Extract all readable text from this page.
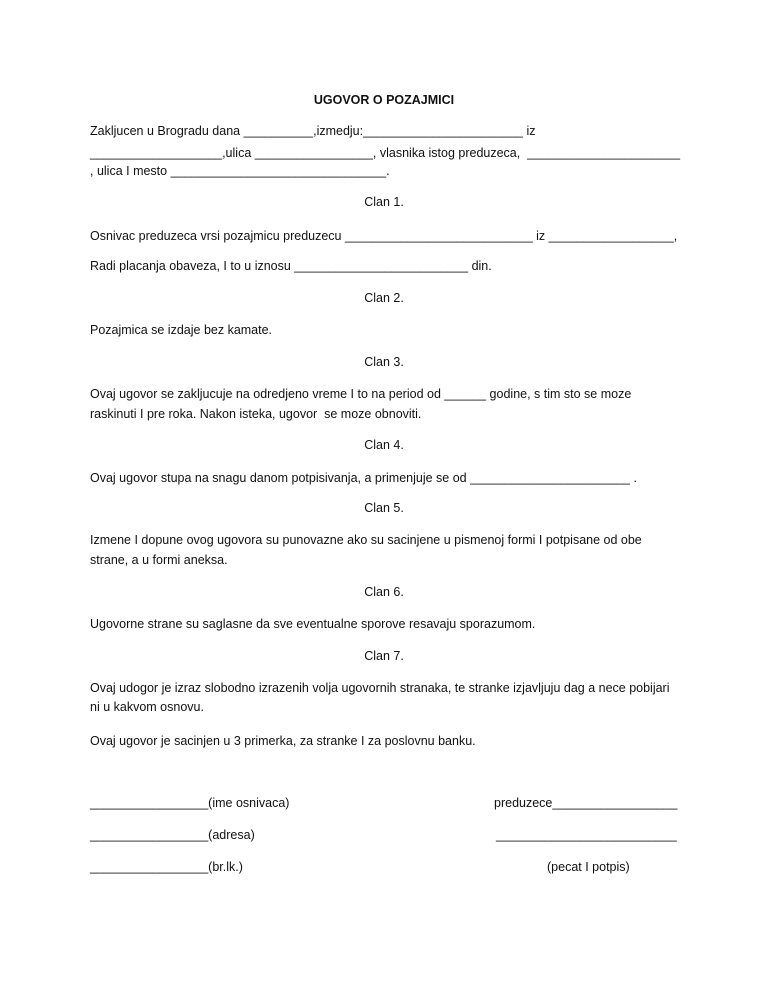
UGOVOR O POZAJMICI
Zakljucen u Brogradu dana __________,izmedju:_______________________ iz
___________________,ulica _________________, vlasnika istog preduzeca,  ______________________
, ulica I mesto _______________________________.
Clan 1.
Osnivac preduzeca vrsi pozajmicu preduzecu ___________________________ iz __________________,
Radi placanja obaveza, I to u iznosu _________________________ din.
Clan 2.
Pozajmica se izdaje bez kamate.
Clan 3.
Ovaj ugovor se zakljucuje na odredjeno vreme I to na period od ______ godine, s tim sto se moze
raskinuti I pre roka. Nakon isteka, ugovor  se moze obnoviti.
Clan 4.
Ovaj ugovor stupa na snagu danom potpisivanja, a primenjuje se od _______________________ .
Clan 5.
Izmene I dopune ovog ugovora su punovazne ako su sacinjene u pismenoj formi I potpisane od obe
strane, a u formi aneksa.
Clan 6.
Ugovorne strane su saglasne da sve eventualne sporove resavaju sporazumom.
Clan 7.
Ovaj udogor je izraz slobodno izrazenih volja ugovornih stranaka, te stranke izjavljuju dag a nece pobijari
ni u kakvom osnovu.
Ovaj ugovor je sacinjen u 3 primerka, za stranke I za poslovnu banku.
_________________(ime osnivaca)
_________________(adresa)
_________________(br.lk.)
preduzece__________________
__________________________
(pecat I potpis)
